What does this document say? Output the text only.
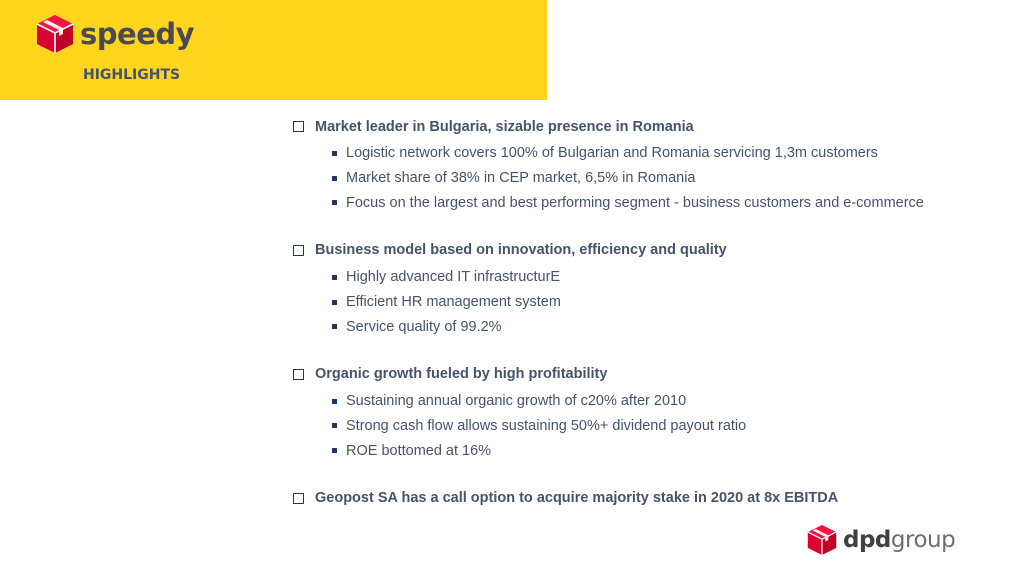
speedy
HIGHLIGHTS
Market leader in Bulgaria, sizable presence in Romania
Logistic network covers 100% of Bulgarian and Romania servicing 1,3m customers
Market share of 38% in CEP market, 6,5% in Romania
Focus on the largest and best performing segment - business customers and e-commerce
Business model based on innovation, efficiency and quality
Highly advanced IT infrastructurE
Efficient HR management system
Service quality of 99.2%
Organic growth fueled by high profitability
Sustaining annual organic growth of c20% after 2010
Strong cash flow allows sustaining 50%+ dividend payout ratio
ROE bottomed at 16%
Geopost SA has a call option to acquire majority stake in 2020 at 8x EBITDA
dpdgroup
